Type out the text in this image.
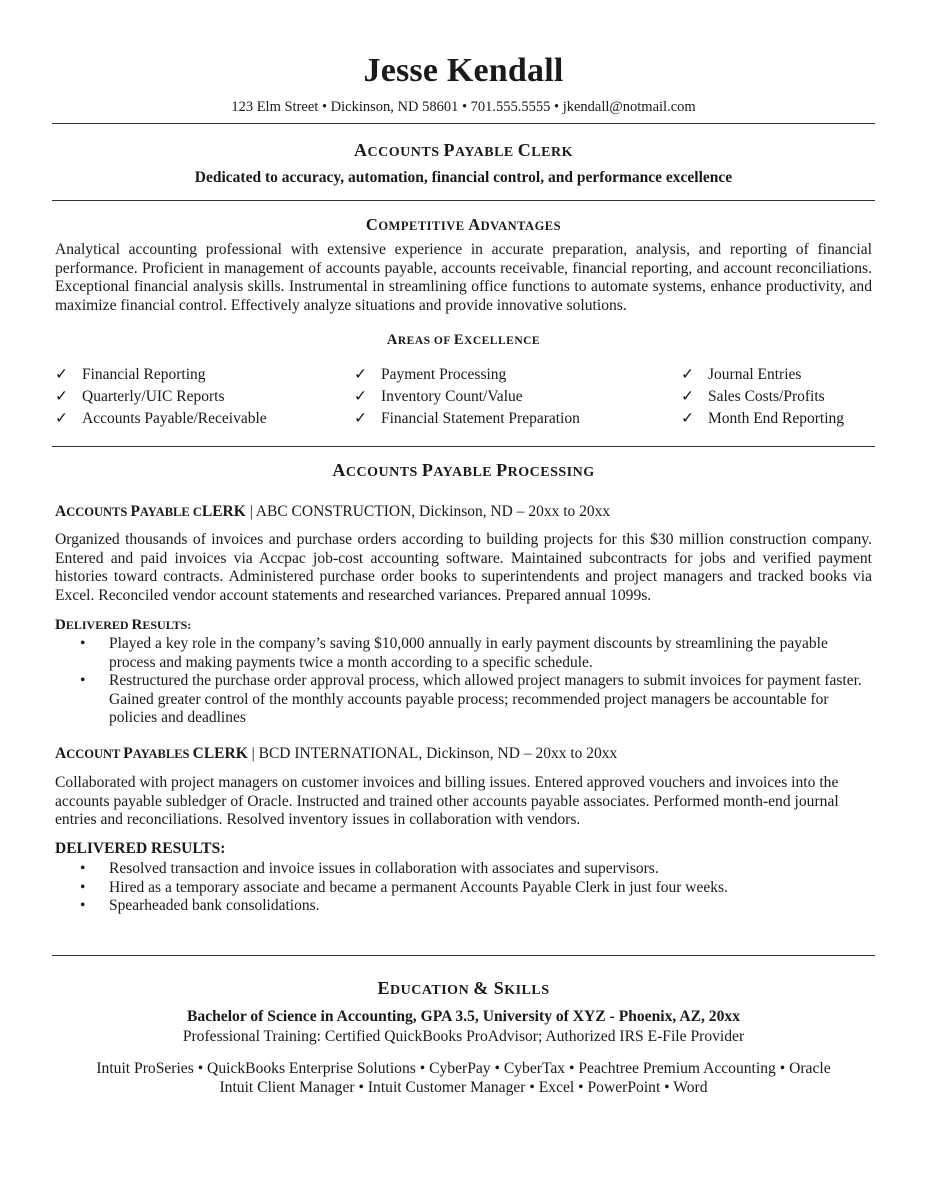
Jesse Kendall
123 Elm Street • Dickinson, ND 58601 • 701.555.5555 • jkendall@notmail.com
ACCOUNTS PAYABLE CLERK
Dedicated to accuracy, automation, financial control, and performance excellence
COMPETITIVE ADVANTAGES
Analytical accounting professional with extensive experience in accurate preparation, analysis, and reporting of financial performance. Proficient in management of accounts payable, accounts receivable, financial reporting, and account reconciliations. Exceptional financial analysis skills. Instrumental in streamlining office functions to automate systems, enhance productivity, and maximize financial control. Effectively analyze situations and provide innovative solutions.
AREAS OF EXCELLENCE
✓ Financial Reporting
✓ Quarterly/UIC Reports
✓ Accounts Payable/Receivable
✓ Payment Processing
✓ Inventory Count/Value
✓ Financial Statement Preparation
✓ Journal Entries
✓ Sales Costs/Profits
✓ Month End Reporting
ACCOUNTS PAYABLE PROCESSING
ACCOUNTS PAYABLE CLERK | ABC CONSTRUCTION, Dickinson, ND – 20xx to 20xx
Organized thousands of invoices and purchase orders according to building projects for this $30 million construction company. Entered and paid invoices via Accpac job-cost accounting software. Maintained subcontracts for jobs and verified payment histories toward contracts. Administered purchase order books to superintendents and project managers and tracked books via Excel. Reconciled vendor account statements and researched variances. Prepared annual 1099s.
DELIVERED RESULTS:
• Played a key role in the company’s saving $10,000 annually in early payment discounts by streamlining the payable process and making payments twice a month according to a specific schedule.
• Restructured the purchase order approval process, which allowed project managers to submit invoices for payment faster. Gained greater control of the monthly accounts payable process; recommended project managers be accountable for policies and deadlines
ACCOUNT PAYABLES CLERK | BCD INTERNATIONAL, Dickinson, ND – 20xx to 20xx
Collaborated with project managers on customer invoices and billing issues. Entered approved vouchers and invoices into the accounts payable subledger of Oracle. Instructed and trained other accounts payable associates. Performed month-end journal entries and reconciliations. Resolved inventory issues in collaboration with vendors.
DELIVERED RESULTS:
• Resolved transaction and invoice issues in collaboration with associates and supervisors.
• Hired as a temporary associate and became a permanent Accounts Payable Clerk in just four weeks.
• Spearheaded bank consolidations.
EDUCATION & SKILLS
Bachelor of Science in Accounting, GPA 3.5, University of XYZ - Phoenix, AZ, 20xx
Professional Training: Certified QuickBooks ProAdvisor; Authorized IRS E-File Provider
Intuit ProSeries • QuickBooks Enterprise Solutions • CyberPay • CyberTax • Peachtree Premium Accounting • Oracle
Intuit Client Manager • Intuit Customer Manager • Excel • PowerPoint • Word
